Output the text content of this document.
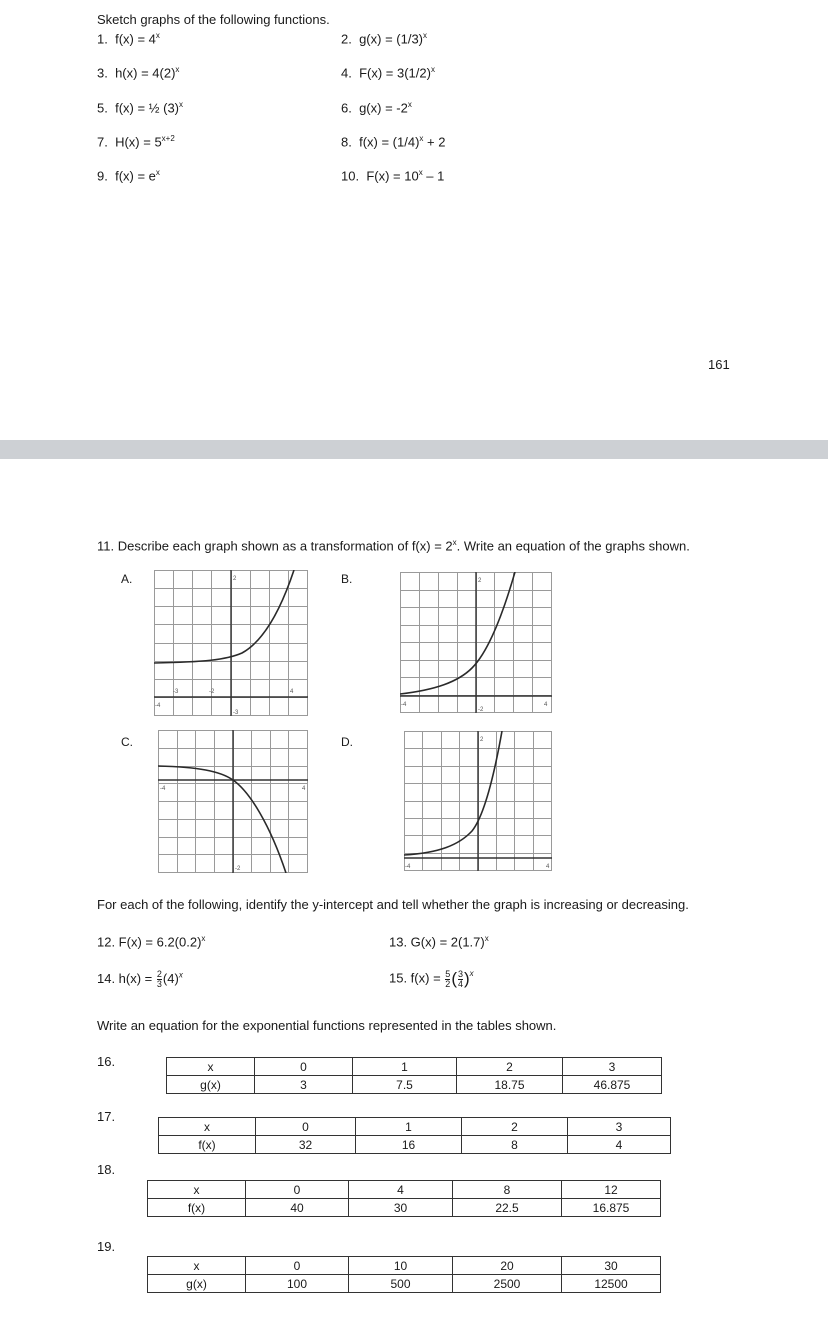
Sketch graphs of the following functions.
1. $f(x) = 4^x$	2. $g(x) = (1/3)^x$
3. $h(x) = 4(2)^x$	4. $F(x) = 3(1/2)^x$
5. f(x) = ½ $(3)^x$	6. $g(x) = -2^x$
7. $H(x) = 5^{x+2}$	8. $f(x) = (1/4)^x + 2$
9. $f(x) = e^x$	10. $F(x) = 10^x - 1$
161
11. Describe each graph shown as a transformation of $f(x) = 2^x$. Write an equation of the graphs shown.
A.	B.
C.	D.
-4
-3	-2	4
2
-3
-4	4
2
-2
-4	4
-2	-4	4
2
For each of the following, identify the y-intercept and tell whether the graph is increasing or decreasing.
12. $F(x) = 6.2(0.2)^x$	13. $G(x) = 2(1.7)^x$
14. $h(x) = \frac{2}{3} (4)^x$	15. $f(x) = \frac{5}{2}$ ( $\frac{3}{4} )^x$
Write an equation for the exponential functions represented in the tables shown.
16.	x	0	1	2	3
g(x)	3	7.5	18.75	46.875
17.
x	0	1	2	3
f(x)	32	16	8	4
18.
x	0	4	8	12
f(x)	40	30	22.5	16.875
19.
x	0	10	20	30
g(x)	100	500	2500	12500
